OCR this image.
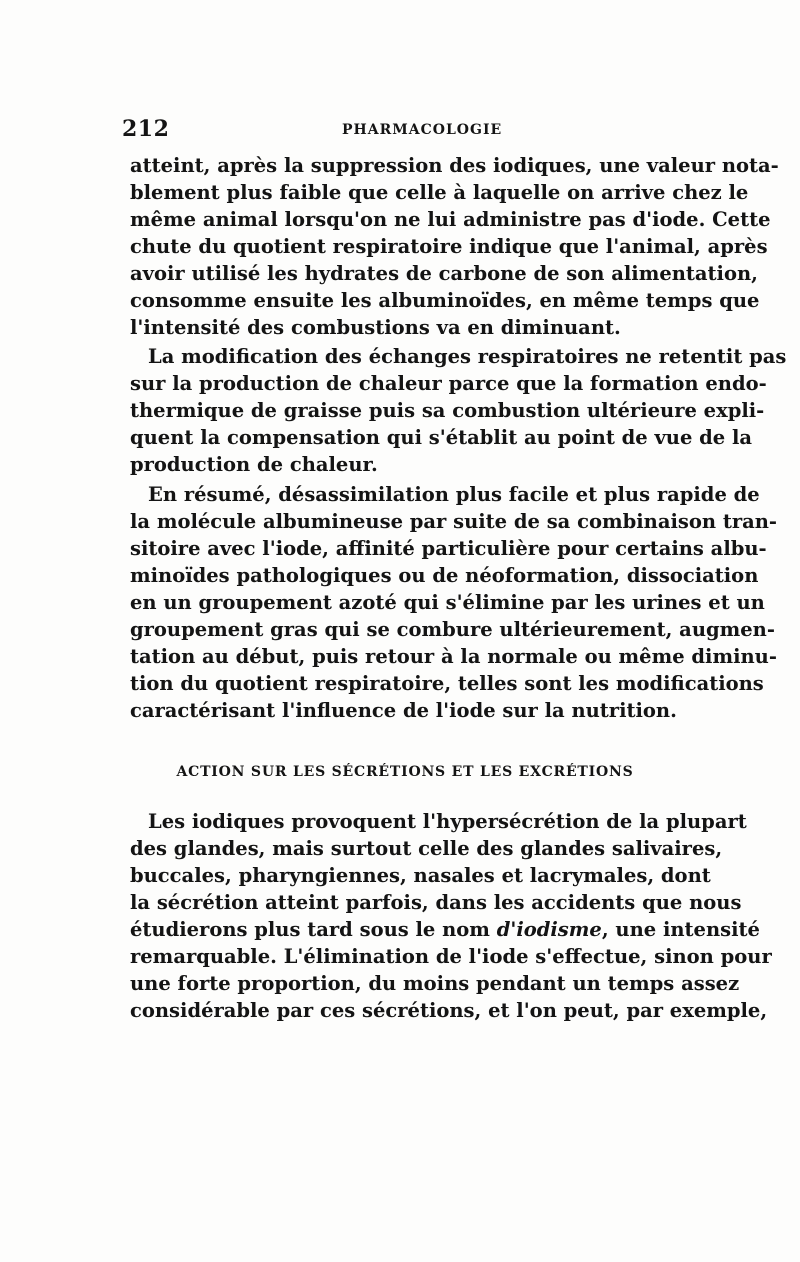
212	PHARMACOLOGIE
atteint, après la suppression des iodiques, une valeur nota-
blement plus faible que celle à laquelle on arrive chez le
même animal lorsqu'on ne lui administre pas d'iode. Cette
chute du quotient respiratoire indique que l'animal, après
avoir utilisé les hydrates de carbone de son alimentation,
consomme ensuite les albuminoïdes, en même temps que
l'intensité des combustions va en diminuant.
La modification des échanges respiratoires ne retentit pas
sur la production de chaleur parce que la formation endo-
thermique de graisse puis sa combustion ultérieure expli-
quent la compensation qui s'établit au point de vue de la
production de chaleur.
En résumé, désassimilation plus facile et plus rapide de
la molécule albumineuse par suite de sa combinaison tran-
sitoire avec l'iode, affinité particulière pour certains albu-
minoïdes pathologiques ou de néoformation, dissociation
en un groupement azoté qui s'élimine par les urines et un
groupement gras qui se combure ultérieurement, augmen-
tation au début, puis retour à la normale ou même diminu-
tion du quotient respiratoire, telles sont les modifications
caractérisant l'influence de l'iode sur la nutrition.
ACTION SUR LES SÉCRÉTIONS ET LES EXCRÉTIONS
Les iodiques provoquent l'hypersécrétion de la plupart
des glandes, mais surtout celle des glandes salivaires,
buccales, pharyngiennes, nasales et lacrymales, dont
la sécrétion atteint parfois, dans les accidents que nous
étudierons plus tard sous le nom d'iodisme, une intensité
remarquable. L'élimination de l'iode s'effectue, sinon pour
une forte proportion, du moins pendant un temps assez
considérable par ces sécrétions, et l'on peut, par exemple,
